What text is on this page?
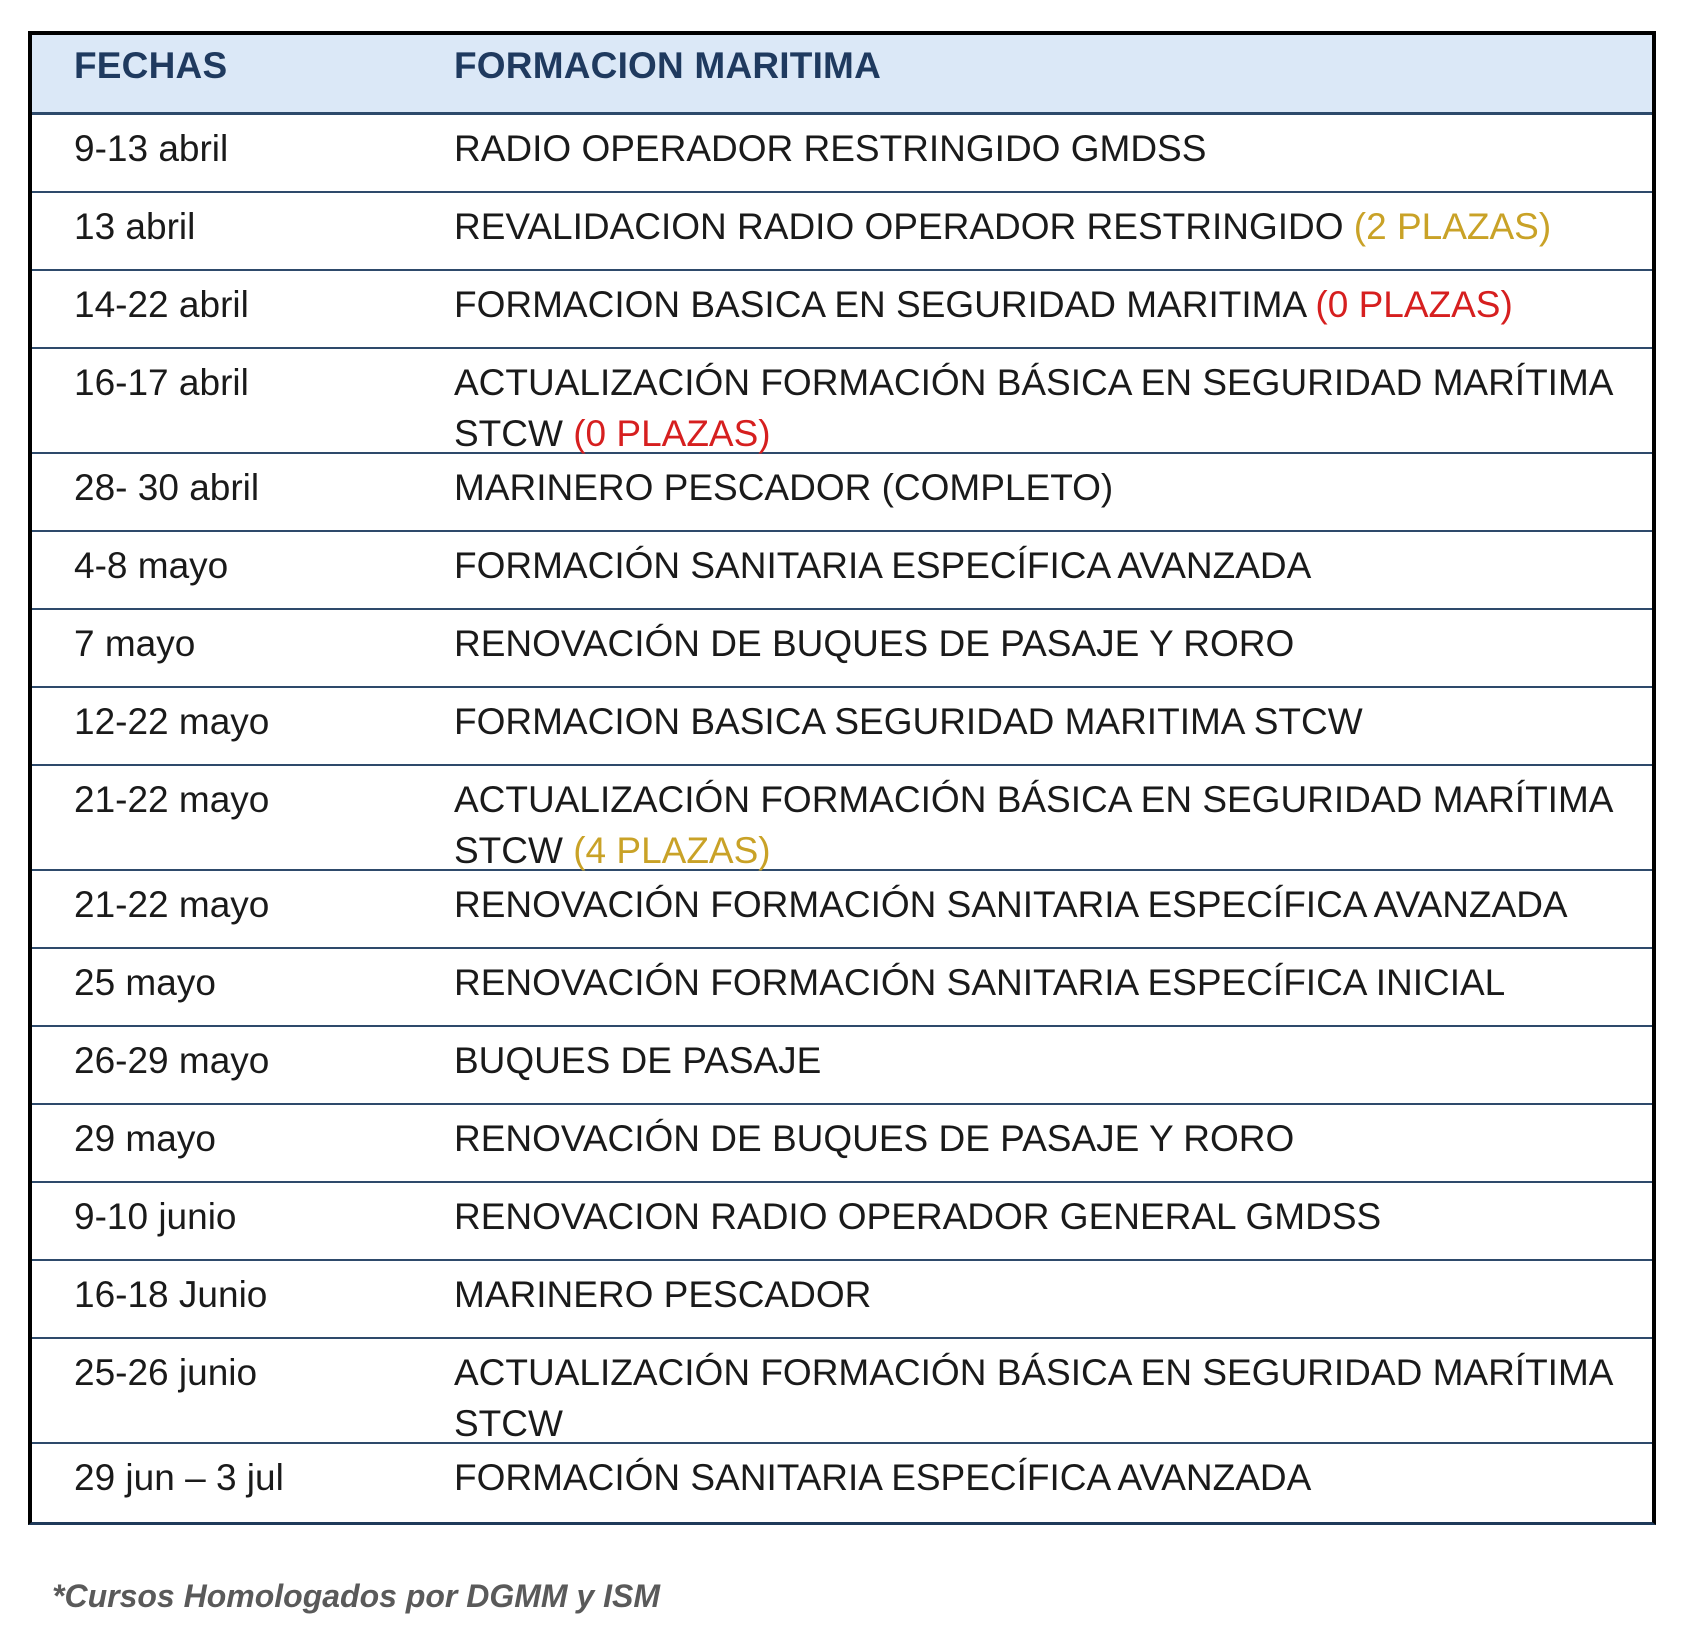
FECHAS	FORMACION MARITIMA
9-13 abril	RADIO OPERADOR RESTRINGIDO GMDSS
13 abril	REVALIDACION RADIO OPERADOR RESTRINGIDO (2 PLAZAS)
14-22 abril	FORMACION BASICA EN SEGURIDAD MARITIMA (0 PLAZAS)
16-17 abril	ACTUALIZACIÓN FORMACIÓN BÁSICA EN SEGURIDAD MARÍTIMA STCW (0 PLAZAS)
28- 30 abril	MARINERO PESCADOR (COMPLETO)
4-8 mayo	FORMACIÓN SANITARIA ESPECÍFICA AVANZADA
7 mayo	RENOVACIÓN DE BUQUES DE PASAJE Y RORO
12-22 mayo	FORMACION BASICA SEGURIDAD MARITIMA STCW
21-22 mayo	ACTUALIZACIÓN FORMACIÓN BÁSICA EN SEGURIDAD MARÍTIMA STCW (4 PLAZAS)
21-22 mayo	RENOVACIÓN FORMACIÓN SANITARIA ESPECÍFICA AVANZADA
25 mayo	RENOVACIÓN FORMACIÓN SANITARIA ESPECÍFICA INICIAL
26-29 mayo	BUQUES DE PASAJE
29 mayo	RENOVACIÓN DE BUQUES DE PASAJE Y RORO
9-10 junio	RENOVACION RADIO OPERADOR GENERAL GMDSS
16-18 Junio	MARINERO PESCADOR
25-26 junio	ACTUALIZACIÓN FORMACIÓN BÁSICA EN SEGURIDAD MARÍTIMA STCW
29 jun – 3 jul	FORMACIÓN SANITARIA ESPECÍFICA AVANZADA
*Cursos Homologados por DGMM y ISM
